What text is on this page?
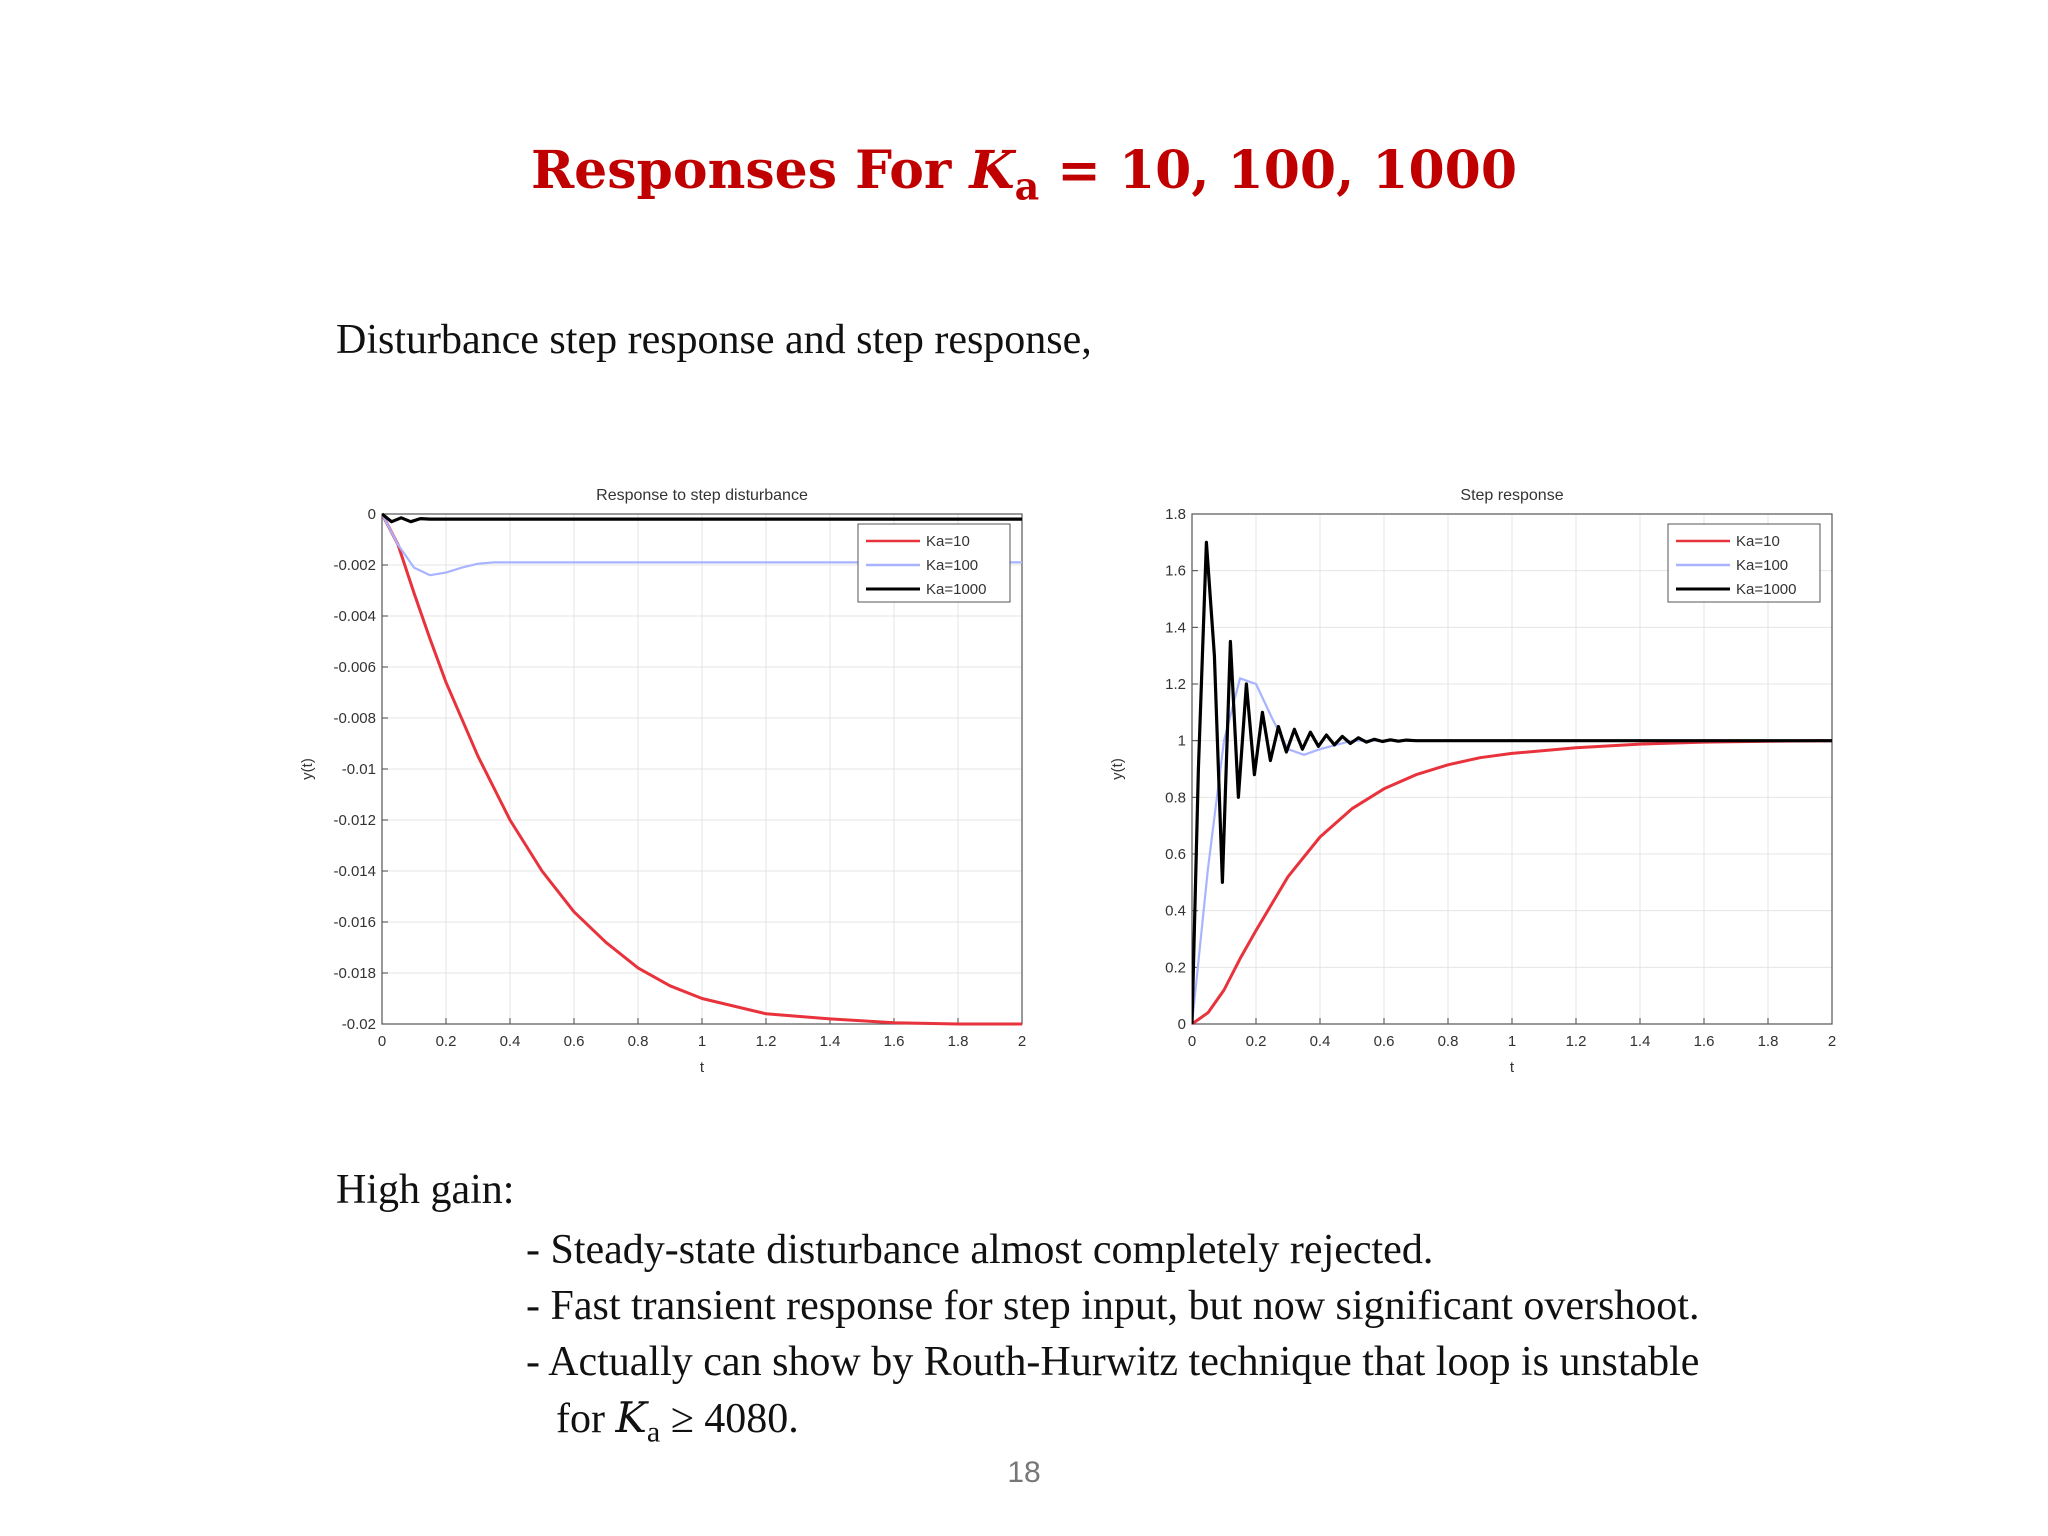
Responses For $K_a = 10$, 100, 1000
Disturbance step response and step response,
0	0.2	0.4	0.6	0.8	1	1.2	1.4	1.6	1.8	2
0
-0.002
-0.004
-0.006
-0.008
-0.01
-0.012
-0.014
-0.016
-0.018
-0.02
Response to step disturbance
t
y(t)
Ka=10
Ka=100
Ka=1000
0	0.2	0.4	0.6	0.8	1	1.2	1.4	1.6	1.8	2
0
0.2
0.4
0.6
0.8
1
1.2
1.4
1.6
1.8
Step response
t
y(t)
Ka=10
Ka=100
Ka=1000
High gain:
- Steady-state disturbance almost completely rejected.
- Fast transient response for step input, but now significant overshoot.
- Actually can show by Routh-Hurwitz technique that loop is unstable
for $K_a \ge 4080$.
18
